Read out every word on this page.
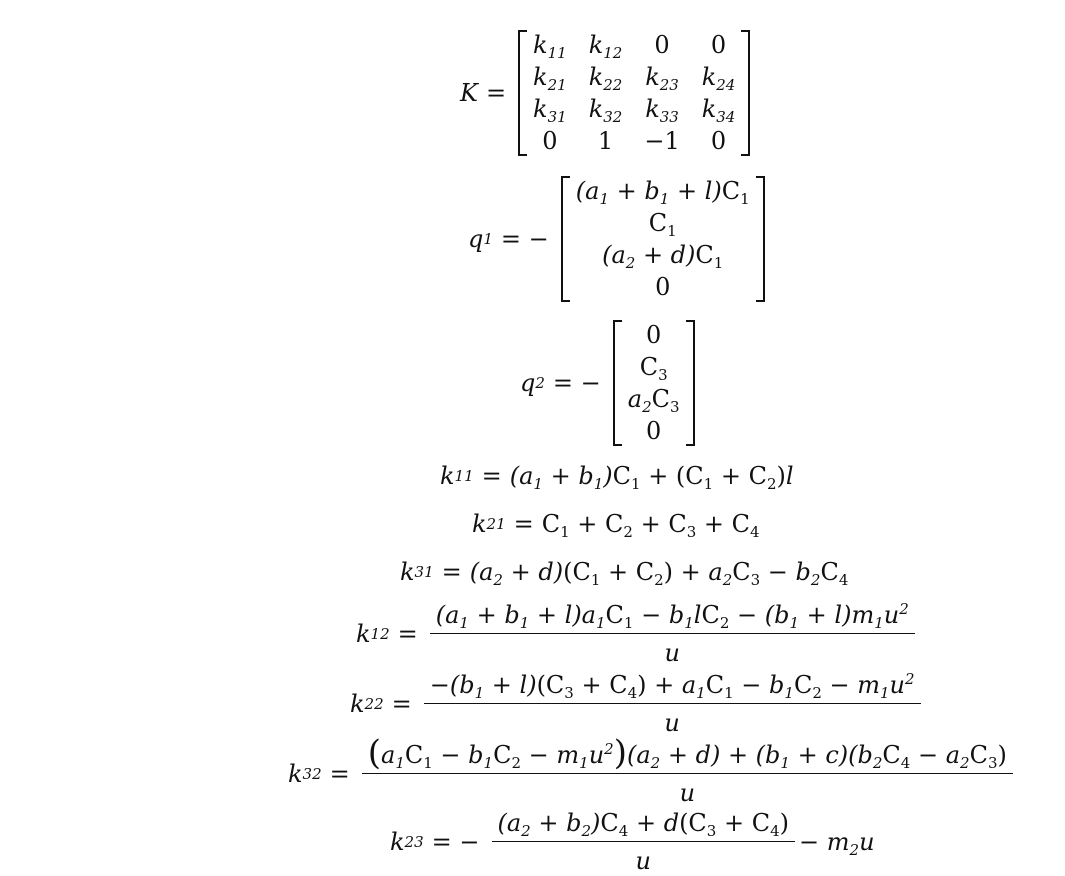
K =
$k_{11}$ $k_{12}$	0	0
$k_{21}$ $k_{22}$ $k_{23}$ $k_{24}$
$k_{31}$ $k_{32}$ $k_{33}$ $k_{34}$
0	1	−1	0
q 1 = −
$(a_1 + b_1 + l)C_1$
$C_1$
$(a_2 + d)C_1$
0
q 2 = −
0
$C_3$
$a_2C_3$
0
k $11 = (a_1 + b_1)C_1 + (C_1 + C_2)l$
k $21 = C_1 + C_2 + C_3 + C_4$
k $31 = (a_2 + d)(C_1 + C_2) + a_2C_3 - b_2C_4$
k $12 = \frac{(a_1 + b_1 + l)a_1C_1 - b_1lC_2 - (b_1 + l)m_1u^2}{u}$
k $22 = \frac{-(b_1 + l)(C_3 + C_4) + a_1C_1 - b_1C_2 - m_1u^2}{u}$
k $32 = \frac{(a_1C_1 - b_1C_2 - m_1u^2)(a_2 + d) + (b_1 + c)(b_2C_4 - a_2C_3)}{u}$
k 23 = − $\frac{(a_2 + b_2)C_4 + d(C_3 + C_4)}{u} - m_2u$
